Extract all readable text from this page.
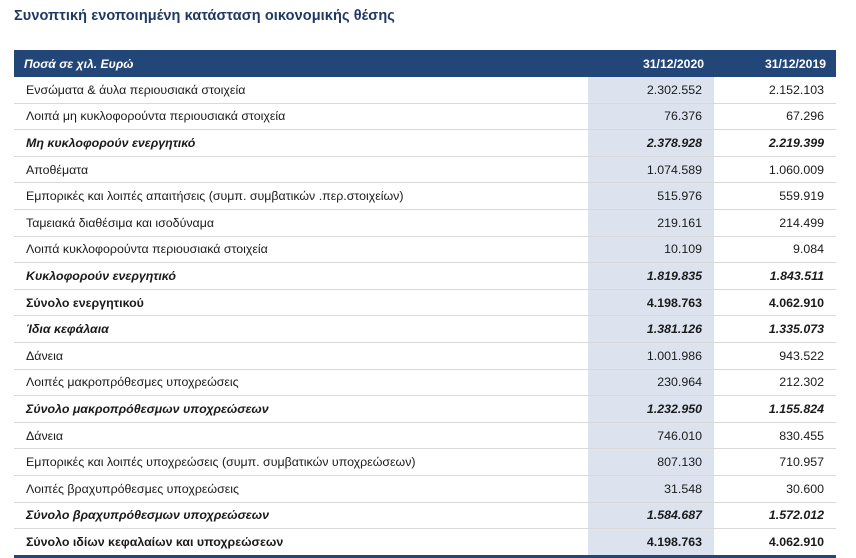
Συνοπτική ενοποιημένη κατάσταση οικονομικής θέσης
Ποσά σε χιλ. Ευρώ	31/12/2020	31/12/2019
Ενσώματα & άυλα περιουσιακά στοιχεία	2.302.552	2.152.103
Λοιπά μη κυκλοφορούντα περιουσιακά στοιχεία	76.376	67.296
Μη κυκλοφορούν ενεργητικό	2.378.928	2.219.399
Αποθέματα	1.074.589	1.060.009
Εμπορικές και λοιπές απαιτήσεις (συμπ. συμβατικών .περ.στοιχείων)	515.976	559.919
Ταμειακά διαθέσιμα και ισοδύναμα	219.161	214.499
Λοιπά κυκλοφορούντα περιουσιακά στοιχεία	10.109	9.084
Κυκλοφορούν ενεργητικό	1.819.835	1.843.511
Σύνολο ενεργητικού	4.198.763	4.062.910
Ίδια κεφάλαια	1.381.126	1.335.073
Δάνεια	1.001.986	943.522
Λοιπές μακροπρόθεσμες υποχρεώσεις	230.964	212.302
Σύνολο μακροπρόθεσμων υποχρεώσεων	1.232.950	1.155.824
Δάνεια	746.010	830.455
Εμπορικές και λοιπές υποχρεώσεις (συμπ. συμβατικών υποχρεώσεων)	807.130	710.957
Λοιπές βραχυπρόθεσμες υποχρεώσεις	31.548	30.600
Σύνολο βραχυπρόθεσμων υποχρεώσεων	1.584.687	1.572.012
Σύνολο ιδίων κεφαλαίων και υποχρεώσεων	4.198.763	4.062.910
